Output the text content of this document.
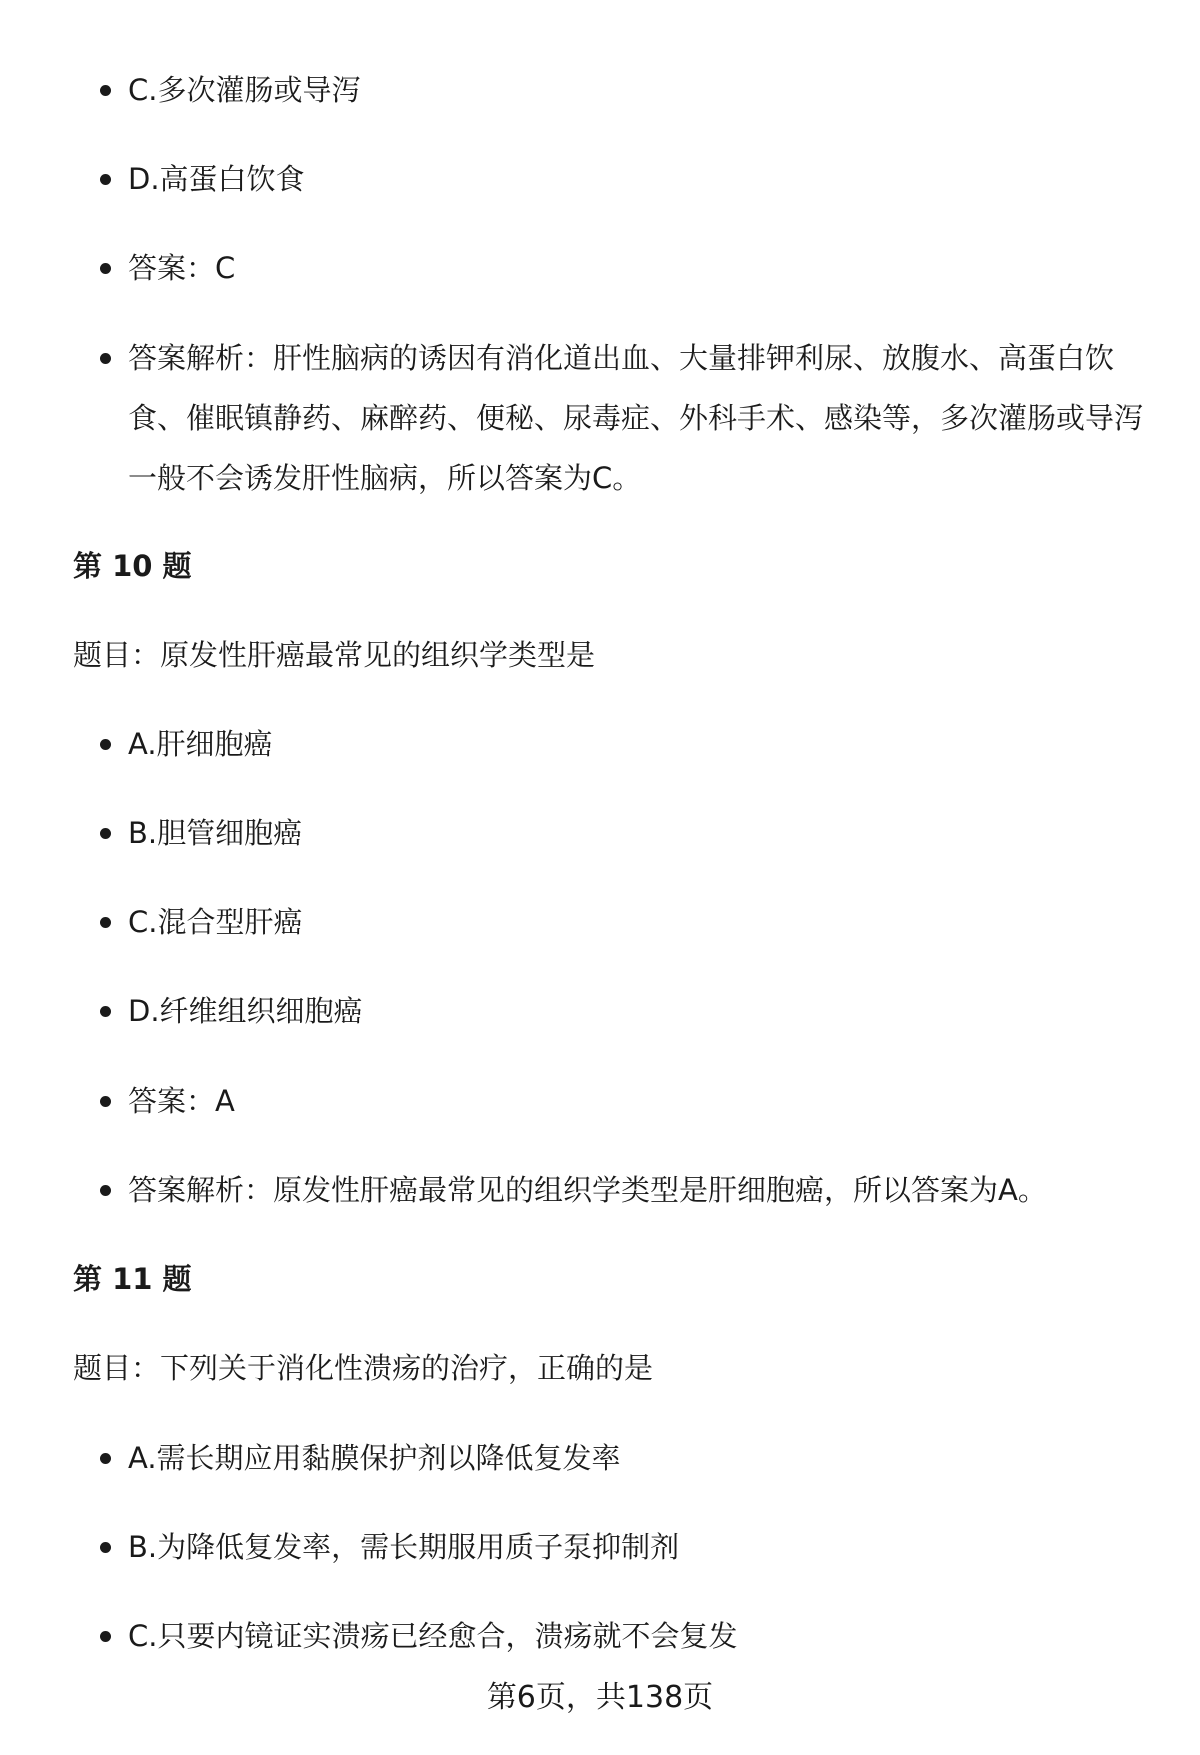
C.多次灌肠或导泻
D.高蛋白饮食
答案：C
答案解析：肝性脑病的诱因有消化道出血、大量排钾利尿、放腹水、高蛋白饮食、催眠镇静药、麻醉药、便秘、尿毒症、外科手术、感染等，多次灌肠或导泻一般不会诱发肝性脑病，所以答案为C。
第 10 题
题目：原发性肝癌最常见的组织学类型是
A.肝细胞癌
B.胆管细胞癌
C.混合型肝癌
D.纤维组织细胞癌
答案：A
答案解析：原发性肝癌最常见的组织学类型是肝细胞癌，所以答案为A。
第 11 题
题目：下列关于消化性溃疡的治疗，正确的是
A.需长期应用黏膜保护剂以降低复发率
B.为降低复发率，需长期服用质子泵抑制剂
C.只要内镜证实溃疡已经愈合，溃疡就不会复发
第6页，共138页
